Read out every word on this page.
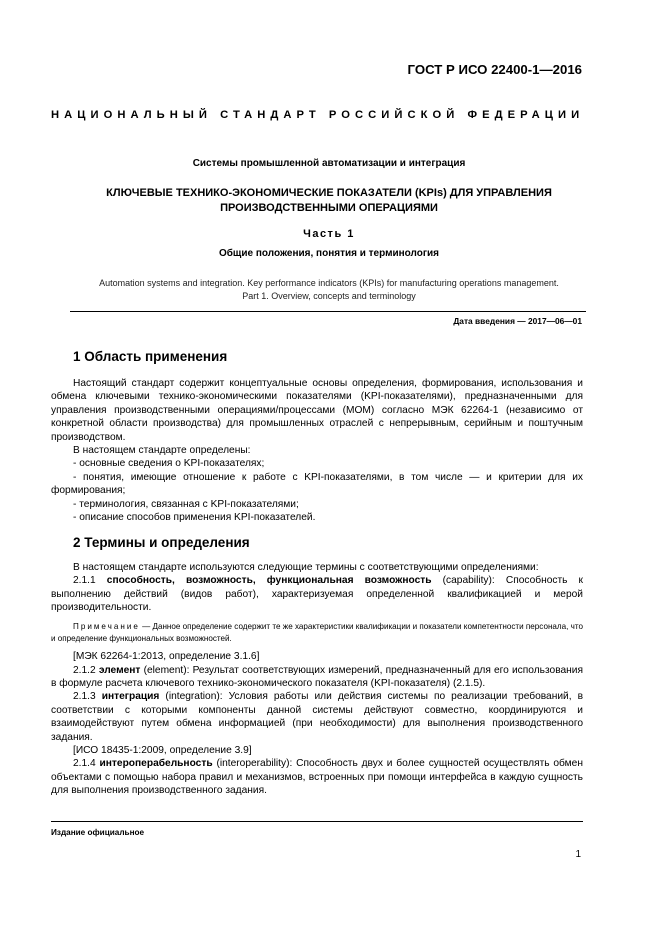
ГОСТ Р ИСО 22400-1—2016
НАЦИОНАЛЬНЫЙ СТАНДАРТ РОССИЙСКОЙ ФЕДЕРАЦИИ
Системы промышленной автоматизации и интеграция
КЛЮЧЕВЫЕ ТЕХНИКО-ЭКОНОМИЧЕСКИЕ ПОКАЗАТЕЛИ (KPIs) ДЛЯ УПРАВЛЕНИЯ ПРОИЗВОДСТВЕННЫМИ ОПЕРАЦИЯМИ
Часть 1
Общие положения, понятия и терминология
Automation systems and integration. Key performance indicators (KPIs) for manufacturing operations management.
Part 1. Overview, concepts and terminology
Дата введения — 2017—06—01
1 Область применения

Настоящий стандарт содержит концептуальные основы определения, формирования, использования и обмена ключевыми технико-экономическими показателями (KPI-показателями), предназначенными для управления производственными операциями/процессами (MOM) согласно МЭК 62264-1 (независимо от конкретной области производства) для промышленных отраслей с непрерывным, серийным и поштучным производством.

В настоящем стандарте определены:

- основные сведения о KPI-показателях;

- понятия, имеющие отношение к работе с KPI-показателями, в том числе — и критерии для их формирования;

- терминология, связанная с KPI-показателями;

- описание способов применения KPI-показателей.

2 Термины и определения

В настоящем стандарте используются следующие термины с соответствующими определениями:

2.1.1 способность, возможность, функциональная возможность (capability): Способность к выполнению действий (видов работ), характеризуемая определенной квалификацией и мерой производительности.

Примечание — Данное определение содержит те же характеристики квалификации и показатели компетентности персонала, что и определение функциональных возможностей.

[МЭК 62264-1:2013, определение 3.1.6]

2.1.2 элемент (element): Результат соответствующих измерений, предназначенный для его использования в формуле расчета ключевого технико-экономического показателя (KPI-показателя) (2.1.5).

2.1.3 интеграция (integration): Условия работы или действия системы по реализации требований, в соответствии с которыми компоненты данной системы действуют совместно, координируются и взаимодействуют путем обмена информацией (при необходимости) для выполнения производственного задания.

[ИСО 18435-1:2009, определение 3.9]

2.1.4 интероперабельность (interoperability): Способность двух и более сущностей осуществлять обмен объектами с помощью набора правил и механизмов, встроенных при помощи интерфейса в каждую сущность для выполнения производственного задания.

Издание официальное
1
